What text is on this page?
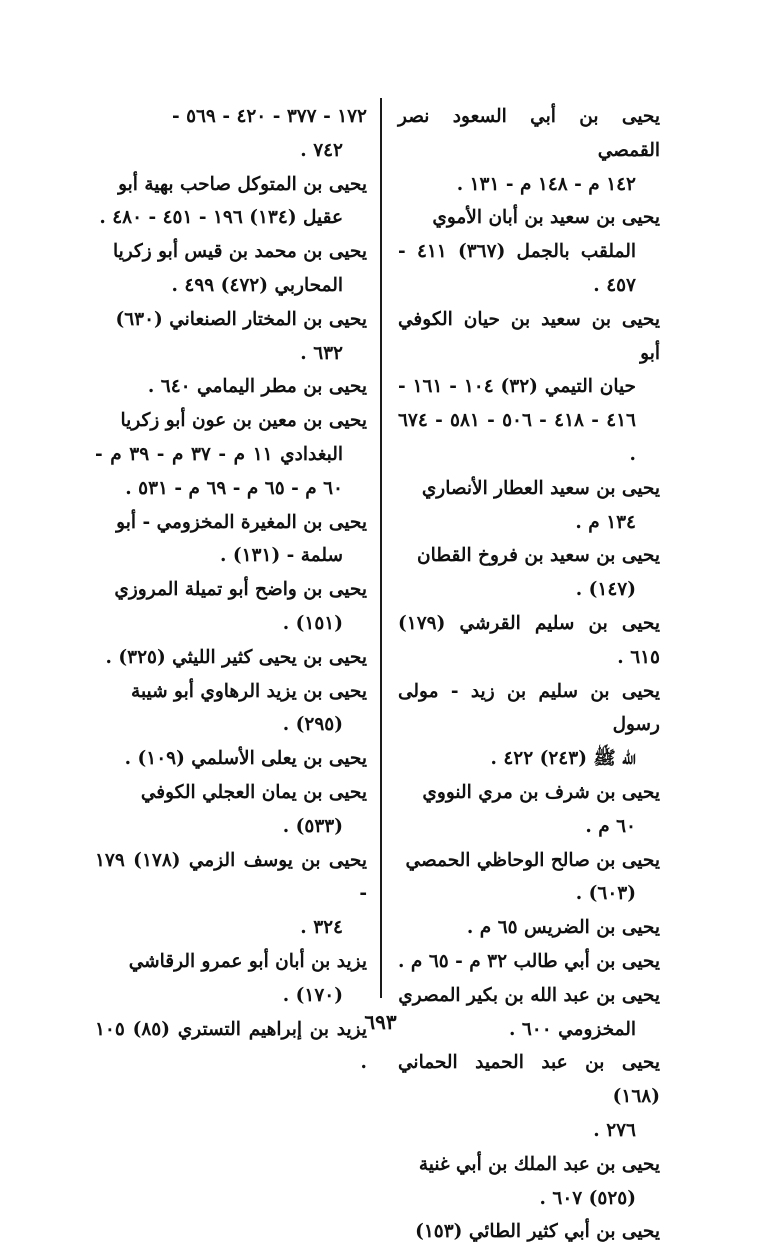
يحيى بن أبي السعود نصر القمصي
١٤٢ م - ١٤٨ م - ١٣١ .
يحيى بن سعيد بن أبان الأموي
الملقب بالجمل (٣٦٧) ٤١١ - ٤٥٧ .
يحيى بن سعيد بن حيان الكوفي أبو
حيان التيمي (٣٢) ١٠٤ - ١٦١ - ٤١٦ - ٤١٨ - ٥٠٦ - ٥٨١ - ٦٧٤ .
يحيى بن سعيد العطار الأنصاري
١٣٤ م .
يحيى بن سعيد بن فروخ القطان
(١٤٧) .
يحيى بن سليم القرشي (١٧٩) ٦١٥ .
يحيى بن سليم بن زيد - مولى رسول
الله ﷺ (٢٤٣) ٤٢٢ .
يحيى بن شرف بن مري النووي
٦٠ م .
يحيى بن صالح الوحاظي الحمصي
(٦٠٣) .
يحيى بن الضريس ٦٥ م .
يحيى بن أبي طالب ٣٢ م - ٦٥ م .
يحيى بن عبد الله بن بكير المصري
المخزومي ٦٠٠ .
يحيى بن عبد الحميد الحماني (١٦٨)
٢٧٦ .
يحيى بن عبد الملك بن أبي غنية
(٥٢٥) ٦٠٧ .
يحيى بن أبي كثير الطائي (١٥٣)
١٧٢ - ٣٧٧ - ٤٢٠ - ٥٦٩ -
٧٤٢ .
يحيى بن المتوكل صاحب بهية أبو
عقيل (١٣٤) ١٩٦ - ٤٥١ - ٤٨٠ .
يحيى بن محمد بن قيس أبو زكريا
المحاربي (٤٧٢) ٤٩٩ .
يحيى بن المختار الصنعاني (٦٣٠)
٦٣٢ .
يحيى بن مطر اليمامي ٦٤٠ .
يحيى بن معين بن عون أبو زكريا
البغدادي ١١ م - ٣٧ م - ٣٩ م - ٦٠ م - ٦٥ م - ٦٩ م - ٥٣١ .
يحيى بن المغيرة المخزومي - أبو
سلمة - (١٣١) .
يحيى بن واضح أبو تميلة المروزي
(١٥١) .
يحيى بن يحيى كثير الليثي (٣٢٥) .
يحيى بن يزيد الرهاوي أبو شيبة
(٢٩٥) .
يحيى بن يعلى الأسلمي (١٠٩) .
يحيى بن يمان العجلي الكوفي
(٥٣٣) .
يحيى بن يوسف الزمي (١٧٨) ١٧٩ -
٣٢٤ .
يزيد بن أبان أبو عمرو الرقاشي
(١٧٠) .
يزيد بن إبراهيم التستري (٨٥) ١٠٥ .
٦٩٣
